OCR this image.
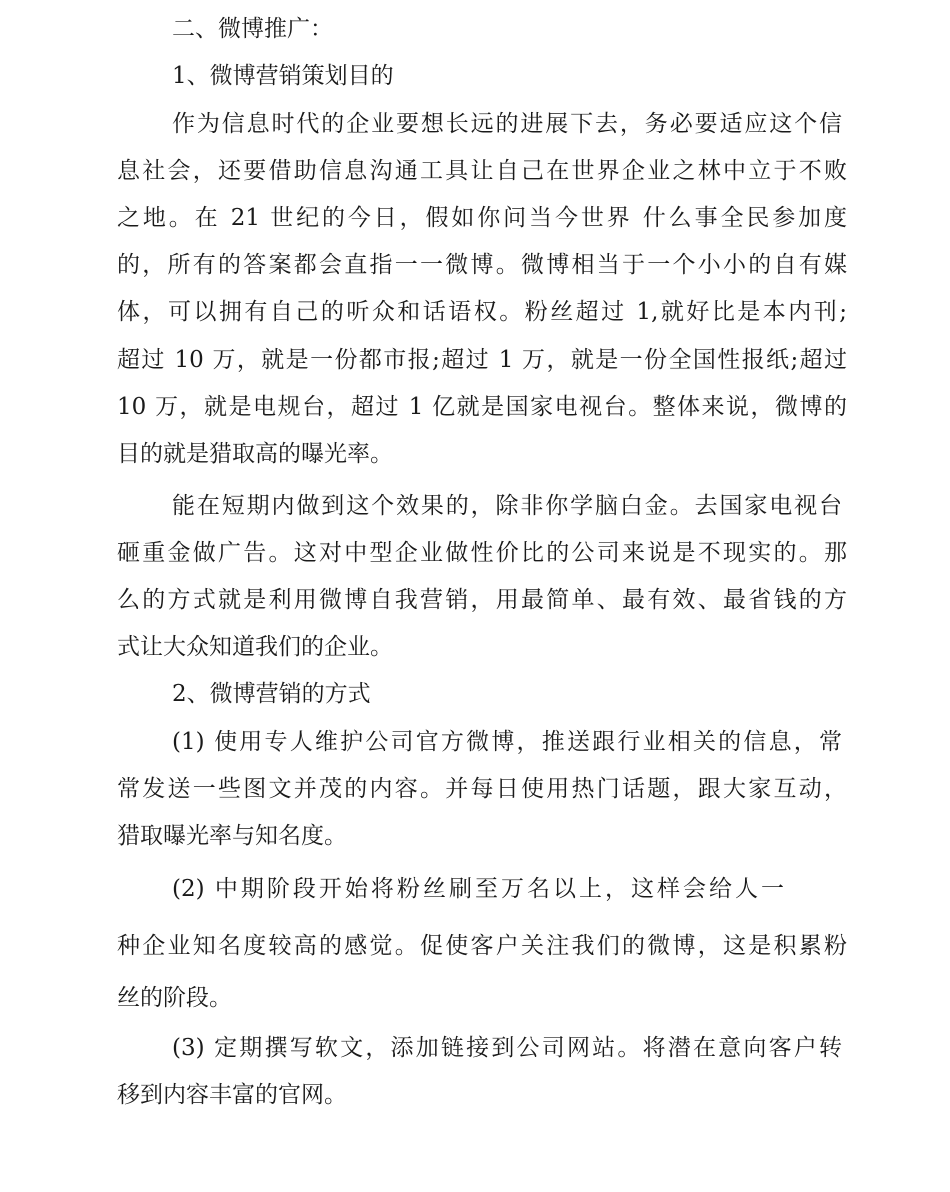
二、微博推广：
1、微博营销策划目的
作为信息时代的企业要想长远的进展下去，务必要适应这个信
息社会，还要借助信息沟通工具让自己在世界企业之林中立于不败
之地。在 21 世纪的今日，假如你问当今世界 什么事全民参加度
的，所有的答案都会直指一一微博。微博相当于一个小小的自有媒
体，可以拥有自己的听众和话语权。粉丝超过 1,就好比是本内刊;
超过 10 万，就是一份都市报;超过 1 万，就是一份全国性报纸;超过
10 万，就是电规台，超过 1 亿就是国家电视台。整体来说，微博的
目的就是猎取高的曝光率。
能在短期内做到这个效果的，除非你学脑白金。去国家电视台
砸重金做广告。这对中型企业做性价比的公司来说是不现实的。那
么的方式就是利用微博自我营销，用最简单、最有效、最省钱的方
式让大众知道我们的企业。
2、微博营销的方式
(1) 使用专人维护公司官方微博，推送跟行业相关的信息，常
常发送一些图文并茂的内容。并每日使用热门话题，跟大家互动，
猎取曝光率与知名度。
(2) 中期阶段开始将粉丝刷至万名以上，这样会给人一
种企业知名度较高的感觉。促使客户关注我们的微博，这是积累粉
丝的阶段。
(3) 定期撰写软文，添加链接到公司网站。将潜在意向客户转
移到内容丰富的官网。
